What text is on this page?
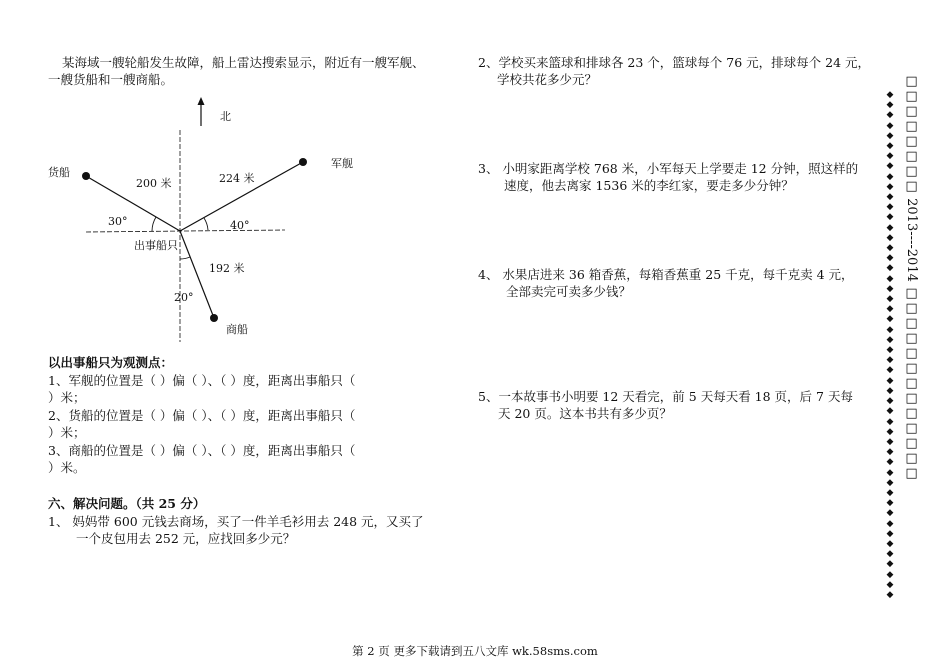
某海域一艘轮船发生故障，船上雷达搜索显示，附近有一艘军舰、
一艘货船和一艘商船。
北
货船
军舰
出事船只
商船
200 米	224 米
192 米
30°	40°
20°
以出事船只为观测点：
1、军舰的位置是（ ）偏（ ）、（ ）度，距离出事船只（
）米；
2、货船的位置是（ ）偏（ ）、（ ）度，距离出事船只（
）米；
3、商船的位置是（ ）偏（ ）、（ ）度，距离出事船只（
）米。
六、解决问题。（共 25 分）
1、 妈妈带 600 元钱去商场，买了一件羊毛衫用去 248 元，又买了
一个皮包用去 252 元，应找回多少元？
2、学校买来篮球和排球各 23 个，篮球每个 76 元，排球每个 24 元，
学校共花多少元？
3、 小明家距离学校 768 米，小军每天上学要走 12 分钟，照这样的
速度，他去离家 1536 米的李红家，要走多少分钟？
4、 水果店进来 36 箱香蕉，每箱香蕉重 25 千克，每千克卖 4 元，
全部卖完可卖多少钱？
5、一本故事书小明要 12 天看完，前 5 天每天看 18 页，后 7 天每
天 20 页。这本书共有多少页？
◆
◆
◆
◆
◆
◆
◆
◆
◆
◆
◆
◆
◆
◆
◆
◆
◆
◆
◆
◆
◆
◆
◆
◆
◆
◆
◆
◆
◆
◆
◆
◆
◆
◆
◆
◆
◆
◆
◆
◆
◆
◆
◆
◆
◆
◆
◆
◆
◆
◆
□□□□□□□□ 2013----2014 □□□□□□□□□□□□□
第 2 页 更多下载请到五八文库 wk.58sms.com
